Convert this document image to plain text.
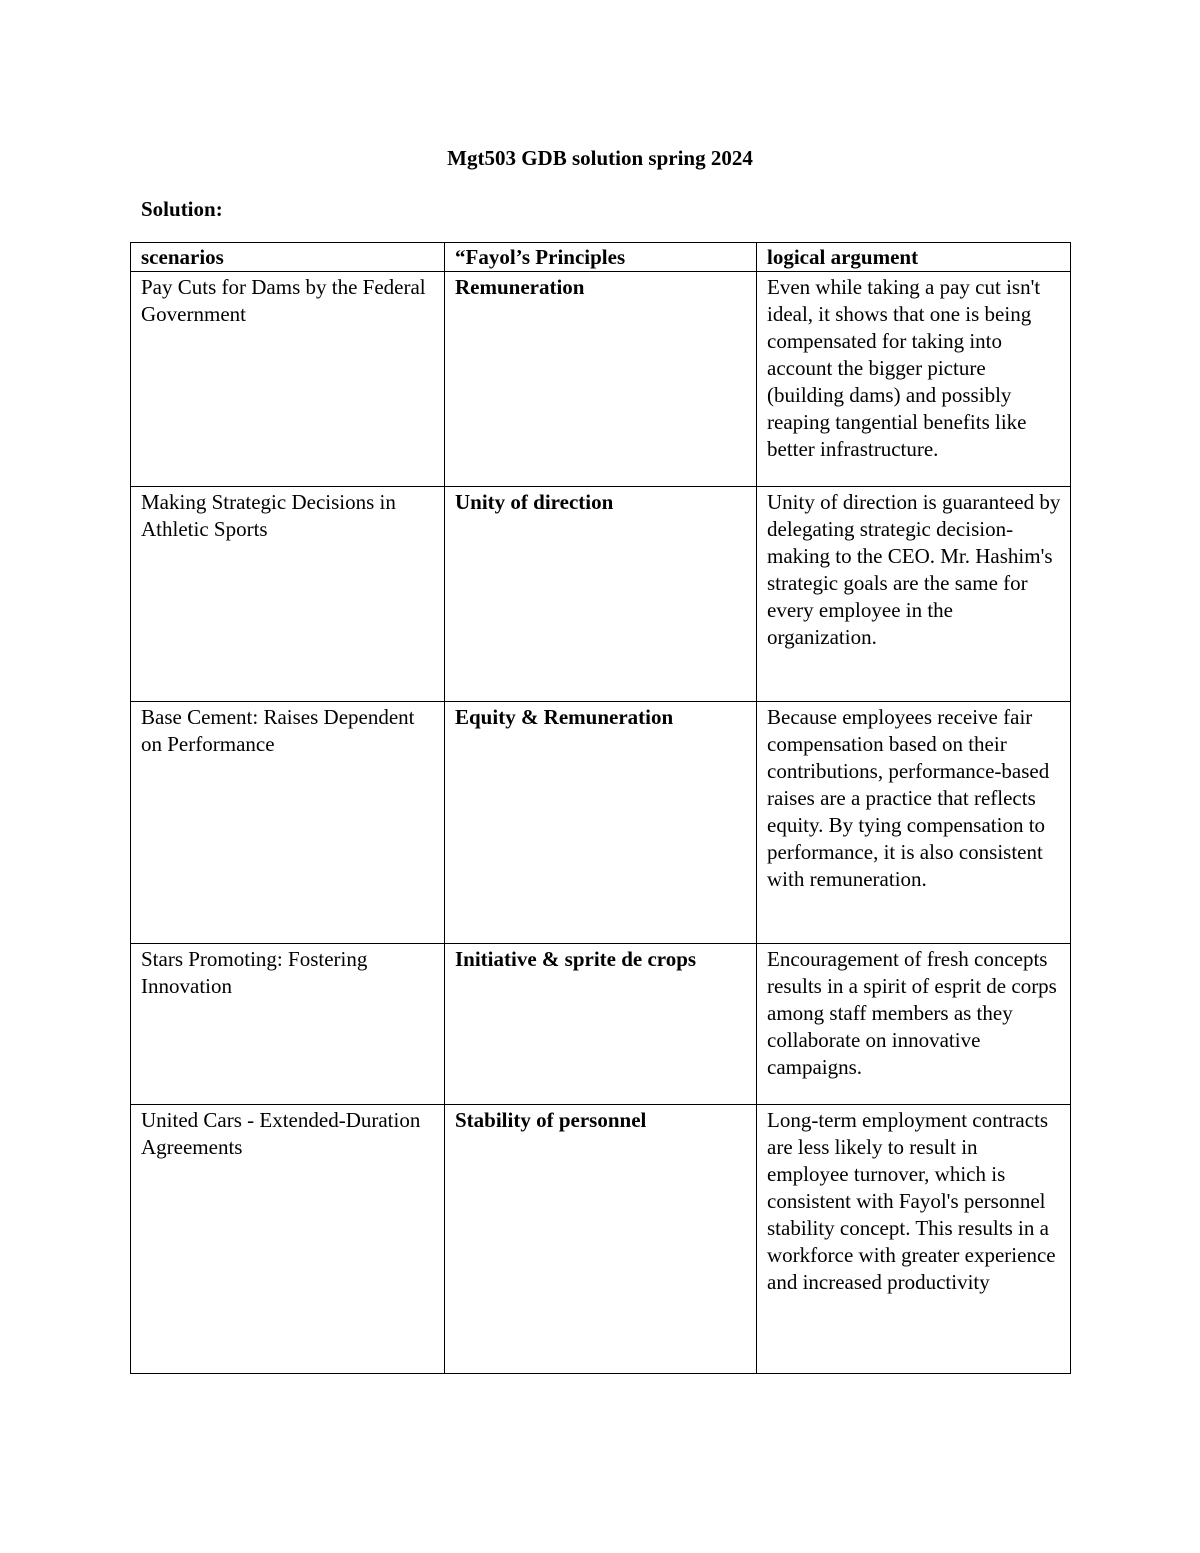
Mgt503 GDB solution spring 2024
Solution:
scenarios	“Fayol’s Principles	logical argument
Pay Cuts for Dams by the Federal Government	Remuneration	Even while taking a pay cut isn't ideal, it shows that one is being compensated for taking into account the bigger picture (building dams) and possibly reaping tangential benefits like better infrastructure.
Making Strategic Decisions in Athletic Sports	Unity of direction	Unity of direction is guaranteed by delegating strategic decision-making to the CEO. Mr. Hashim's strategic goals are the same for every employee in the organization.
Base Cement: Raises Dependent on Performance	Equity & Remuneration	Because employees receive fair compensation based on their contributions, performance-based raises are a practice that reflects equity. By tying compensation to performance, it is also consistent with remuneration.
Stars Promoting: Fostering Innovation	Initiative & sprite de crops	Encouragement of fresh concepts results in a spirit of esprit de corps among staff members as they collaborate on innovative campaigns.
United Cars - Extended-Duration Agreements	Stability of personnel	Long-term employment contracts are less likely to result in employee turnover, which is consistent with Fayol's personnel stability concept. This results in a workforce with greater experience and increased productivity
